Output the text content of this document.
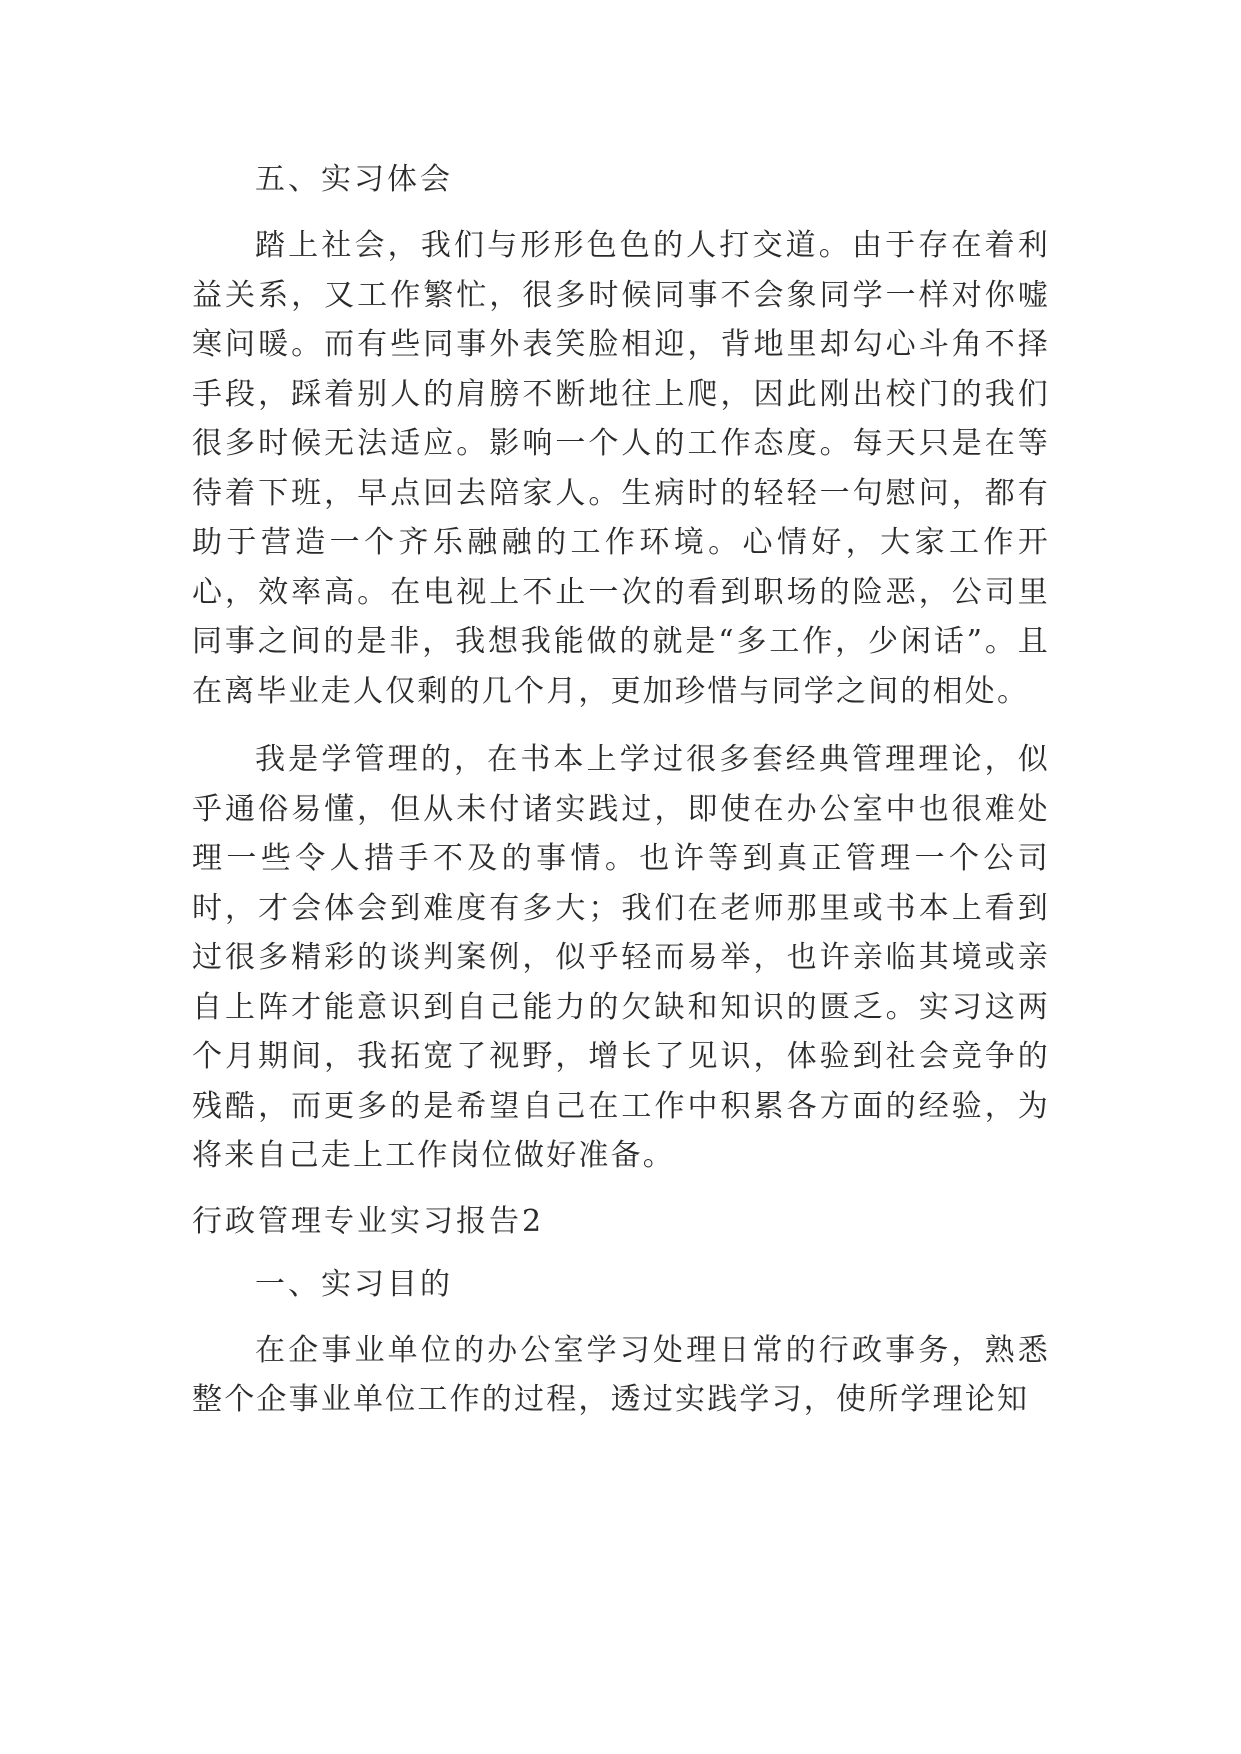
五、实习体会

踏上社会，我们与形形色色的人打交道。由于存在着利益关系，又工作繁忙，很多时候同事不会象同学一样对你嘘寒问暖。而有些同事外表笑脸相迎，背地里却勾心斗角不择手段，踩着别人的肩膀不断地往上爬，因此刚出校门的我们很多时候无法适应。影响一个人的工作态度。每天只是在等待着下班，早点回去陪家人。生病时的轻轻一句慰问，都有助于营造一个齐乐融融的工作环境。心情好，大家工作开心，效率高。在电视上不止一次的看到职场的险恶，公司里同事之间的是非，我想我能做的就是“多工作，少闲话”。且在离毕业走人仅剩的几个月，更加珍惜与同学之间的相处。

我是学管理的，在书本上学过很多套经典管理理论，似乎通俗易懂，但从未付诸实践过，即使在办公室中也很难处理一些令人措手不及的事情。也许等到真正管理一个公司时，才会体会到难度有多大；我们在老师那里或书本上看到过很多精彩的谈判案例，似乎轻而易举，也许亲临其境或亲自上阵才能意识到自己能力的欠缺和知识的匮乏。实习这两个月期间，我拓宽了视野，增长了见识，体验到社会竞争的残酷，而更多的是希望自己在工作中积累各方面的经验，为将来自己走上工作岗位做好准备。

行政管理专业实习报告2
一、实习目的

在企事业单位的办公室学习处理日常的行政事务，熟悉整个企事业单位工作的过程，透过实践学习，使所学理论知
